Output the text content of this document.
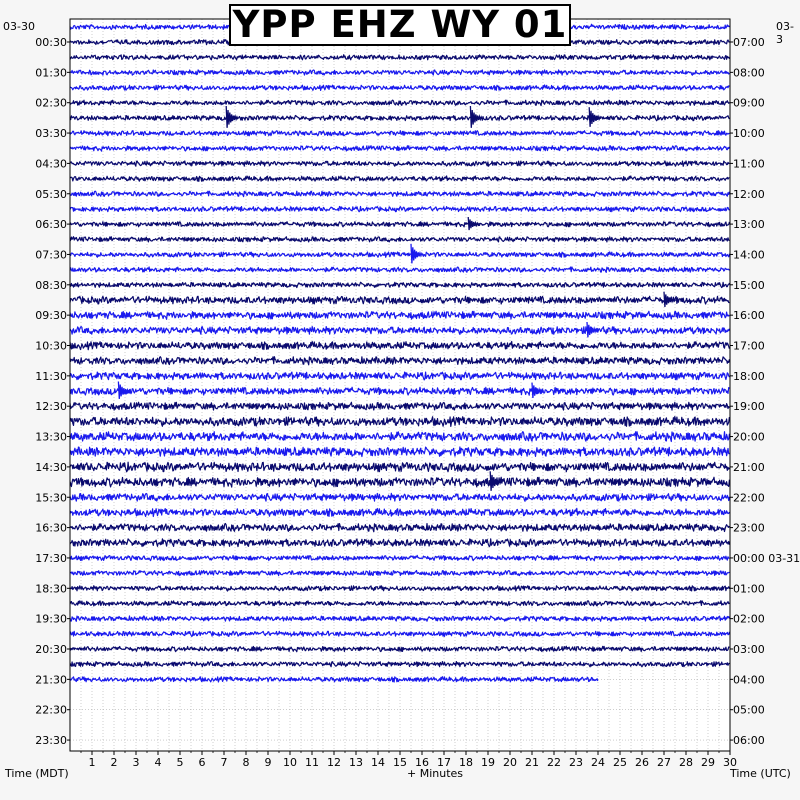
03-30	03-3
1 2 3 4 5 6 7 8 9 10 11 12 13 14 15 16 17 18 19 20 21 22 23 24 25 26 27 28 29 30
00:30
01:30
02:30
03:30
04:30
05:30
06:30
07:30
08:30
09:30
10:30
11:30
12:30
13:30
14:30
15:30
16:30
17:30
18:30
19:30
20:30
21:30
22:30
23:30
07:00
08:00
09:00
10:00
11:00
12:00
13:00
14:00
15:00
16:00
17:00
18:00
19:00
20:00
21:00
22:00
23:00
00:00 03-31
01:00
02:00
03:00
04:00
05:00
06:00
+ Minutes
Time (MDT)	Time (UTC)
YPP EHZ WY 01
